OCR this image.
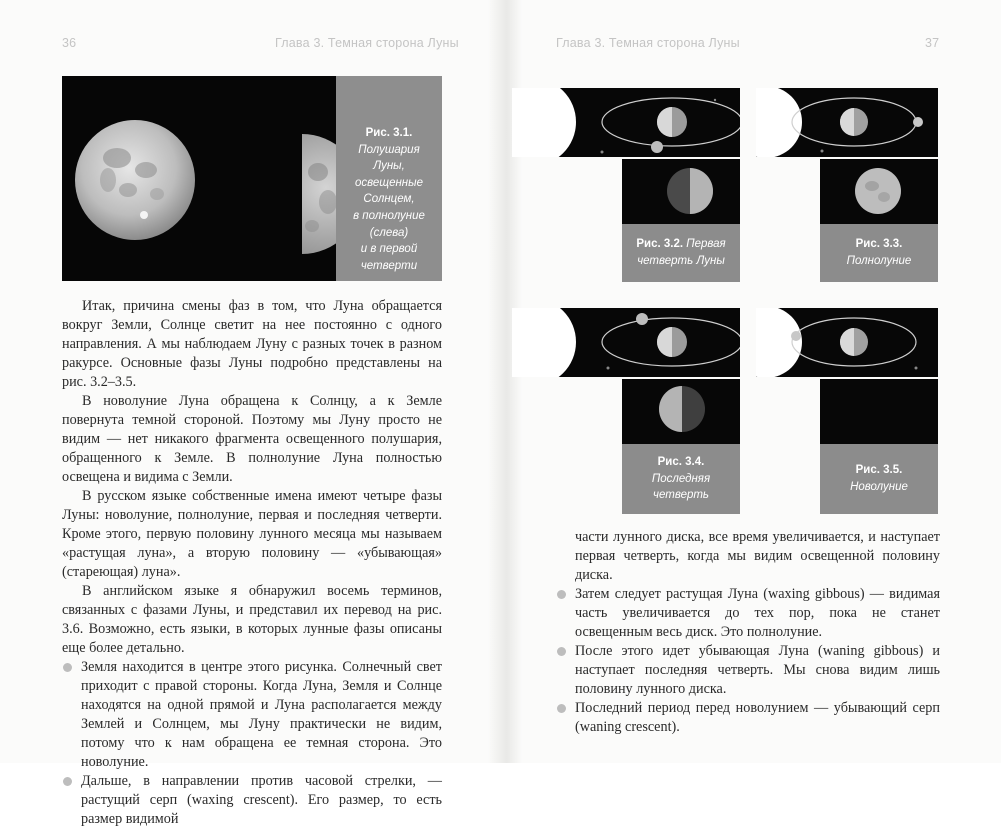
36	Глава 3. Темная сторона Луны	Глава 3. Темная сторона Луны	37
Рис. 3.1.
Полушария
Луны,
освещенные
Солнцем,
в полнолуние
(слева)
и в первой
четверти

Итак, причина смены фаз в том, что Луна обращается вокруг Земли, Солнце светит на нее постоянно с одного направления. А мы наблюдаем Луну с разных точек в разном ракурсе. Основные фазы Луны подробно представлены на рис. 3.2–3.5.

В новолуние Луна обращена к Солнцу, а к Земле повернута темной стороной. Поэтому мы Луну просто не видим — нет никакого фрагмента освещенного полушария, обращенного к Земле. В полнолуние Луна полностью освещена и видима с Земли.

В русском языке собственные имена имеют четыре фазы Луны: новолуние, полнолуние, первая и последняя четверти. Кроме этого, первую половину лунного месяца мы называем «растущая луна», а вторую половину — «убывающая» (стареющая) луна».

В английском языке я обнаружил восемь терминов, связанных с фазами Луны, и представил их перевод на рис. 3.6. Возможно, есть языки, в которых лунные фазы описаны еще более детально.

Земля находится в центре этого рисунка. Солнечный свет приходит с правой стороны. Когда Луна, Земля и Солнце находятся на одной прямой и Луна располагается между Землей и Солнцем, мы Луну практически не видим, потому что к нам обращена ее темная сторона. Это новолуние.
Дальше, в направлении против часовой стрелки, — растущий серп (waxing crescent). Его размер, то есть размер видимой
Рис. 3.2. Первая
четверть Луны
Рис. 3.3.
Полнолуние
Рис. 3.4.
Последняя
четверть
Рис. 3.5.
Новолуние

части лунного диска, все время увеличивается, и наступает первая четверть, когда мы видим освещенной половину диска.

Затем следует растущая Луна (waxing gibbous) — видимая часть увеличивается до тех пор, пока не станет освещенным весь диск. Это полнолуние.
После этого идет убывающая Луна (waning gibbous) и наступает последняя четверть. Мы снова видим лишь половину лунного диска.
Последний период перед новолунием — убывающий серп (waning crescent).
